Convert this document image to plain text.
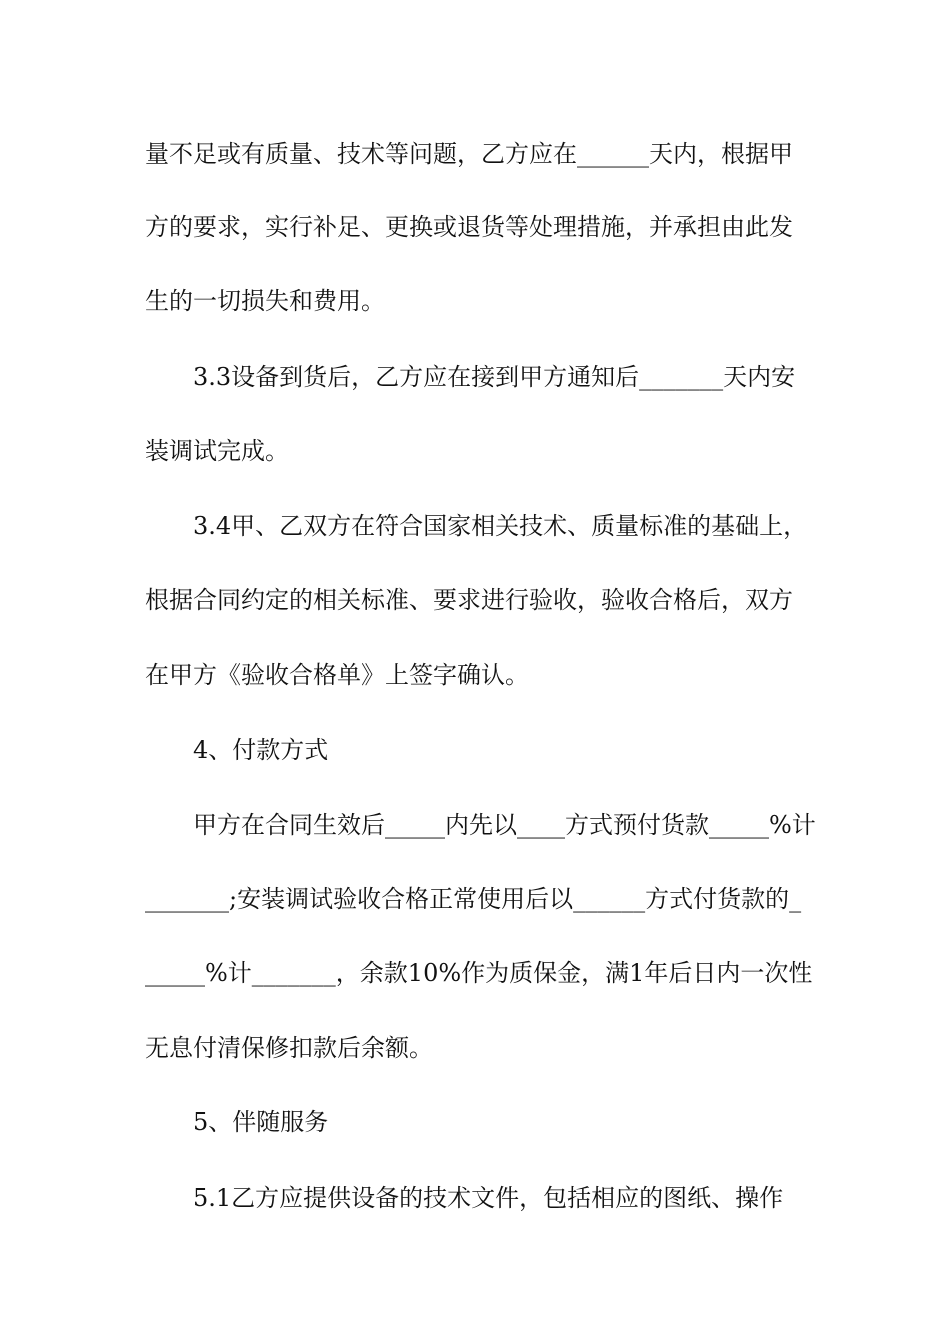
量不足或有质量、技术等问题，乙方应在______天内，根据甲
方的要求，实行补足、更换或退货等处理措施，并承担由此发
生的一切损失和费用。
3.3设备到货后，乙方应在接到甲方通知后_______天内安
装调试完成。
3.4甲、乙双方在符合国家相关技术、质量标准的基础上，
根据合同约定的相关标准、要求进行验收，验收合格后，双方
在甲方《验收合格单》上签字确认。
4、付款方式
甲方在合同生效后_____内先以____方式预付货款_____%计
_______;安装调试验收合格正常使用后以______方式付货款的_
_____%计_______，余款10%作为质保金，满1年后日内一次性
无息付清保修扣款后余额。
5、伴随服务
5.1乙方应提供设备的技术文件，包括相应的图纸、操作
